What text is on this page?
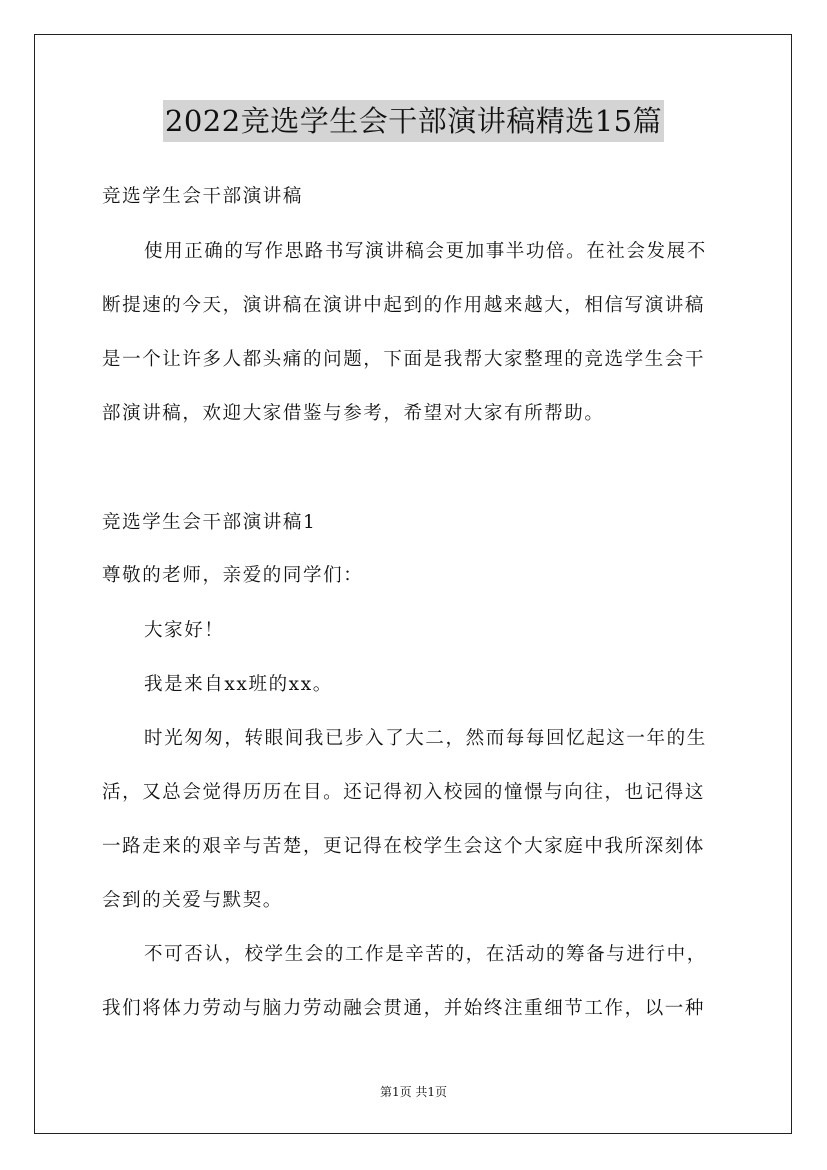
2022竞选学生会干部演讲稿精选15篇
竞选学生会干部演讲稿
使用正确的写作思路书写演讲稿会更加事半功倍。在社会发展不
断提速的今天，演讲稿在演讲中起到的作用越来越大，相信写演讲稿
是一个让许多人都头痛的问题，下面是我帮大家整理的竞选学生会干
部演讲稿，欢迎大家借鉴与参考，希望对大家有所帮助。
竞选学生会干部演讲稿1
尊敬的老师，亲爱的同学们：
大家好！
我是来自xx班的xx。
时光匆匆，转眼间我已步入了大二，然而每每回忆起这一年的生
活，又总会觉得历历在目。还记得初入校园的憧憬与向往，也记得这
一路走来的艰辛与苦楚，更记得在校学生会这个大家庭中我所深刻体
会到的关爱与默契。
不可否认，校学生会的工作是辛苦的，在活动的筹备与进行中，
我们将体力劳动与脑力劳动融会贯通，并始终注重细节工作，以一种
第1页 共1页
